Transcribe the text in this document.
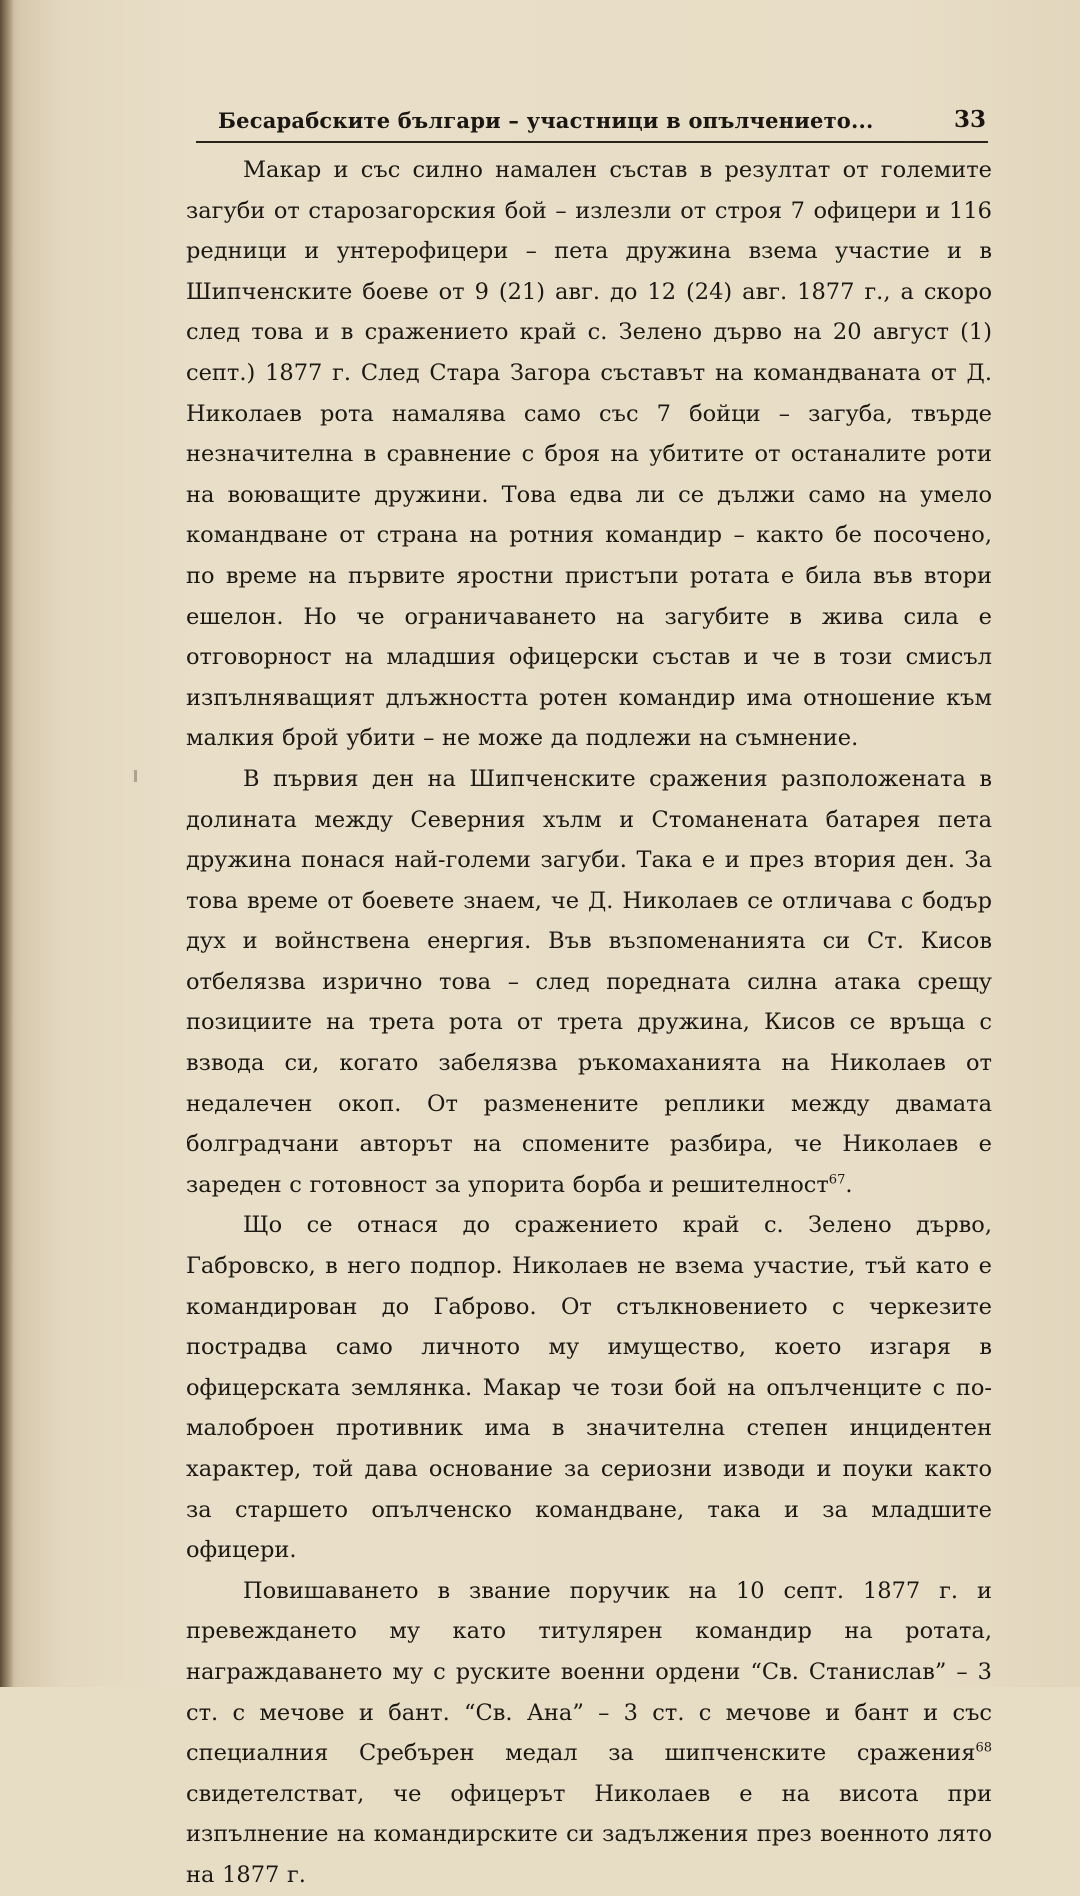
Бесарабските българи – участници в опълчението...	33

Макар и със силно намален състав в резултат от големите загуби от старозагорския бой – излезли от строя 7 офицери и 116 редници и унтерофицери – пета дружина взема участие и в Шипченските боеве от 9 (21) авг. до 12 (24) авг. 1877 г., а скоро след това и в сражението край с. Зелено дърво на 20 август (1) септ.) 1877 г. След Стара Загора съставът на командваната от Д. Николаев рота намалява само със 7 бойци – загуба, твърде незначителна в сравнение с броя на убитите от останалите роти на воюващите дружини. Това едва ли се дължи само на умело командване от страна на ротния командир – както бе посочено, по време на първите яростни пристъпи ротата е била във втори ешелон. Но че ограничаването на загубите в жива сила е отговорност на младшия офицерски състав и че в този смисъл изпълняващият длъжността ротен командир има отношение към малкия брой убити – не може да подлежи на съмнение.

В първия ден на Шипченските сражения разположената в долината между Северния хълм и Стоманената батарея пета дружина понася най-големи загуби. Така е и през втория ден. За това време от боевете знаем, че Д. Николаев се отличава с бодър дух и войнствена енергия. Във възпоменанията си Ст. Кисов отбелязва изрично това – след поредната силна атака срещу позициите на трета рота от трета дружина, Кисов се връща с взвода си, когато забелязва ръкомаханията на Николаев от недалечен окоп. От разменените реплики между двамата болградчани авторът на спомените разбира, че Николаев е зареден с готовност за упорита борба и решителност$^{67}$.

Що се отнася до сражението край с. Зелено дърво, Габровско, в него подпор. Николаев не взема участие, тъй като е командирован до Габрово. От стълкновението с черкезите пострадва само личното му имущество, което изгаря в офицерската землянка. Макар че този бой на опълченците с по-малоброен противник има в значителна степен инцидентен характер, той дава основание за сериозни изводи и поуки както за старшето опълченско командване, така и за младшите офицери.

Повишаването в звание поручик на 10 септ. 1877 г. и превеждането му като титулярен командир на ротата, награждаването му с руските военни ордени “Св. Станислав” – 3 ст. с мечове и бант. “Св. Ана” – 3 ст. с мечове и бант и със специалния Сребърен медал за шипченските сражения$^{68}$ свидетелстват, че офицерът Николаев е на висота при изпълнение на командирските си задължения през военното лято на 1877 г.
